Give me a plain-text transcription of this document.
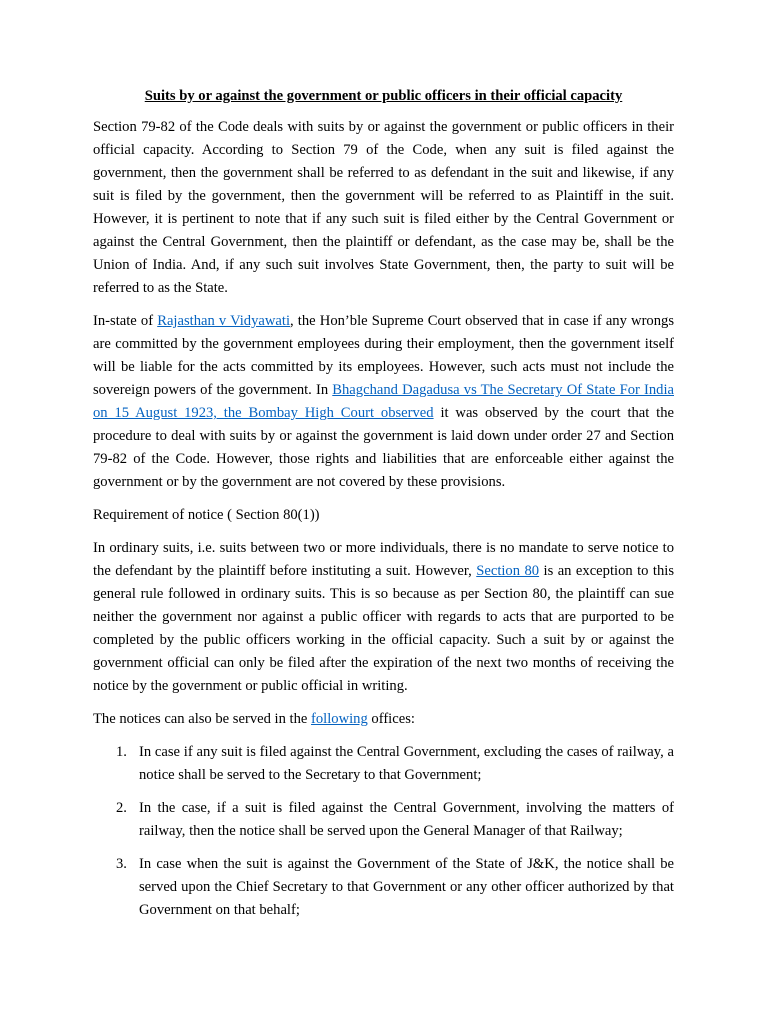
Suits by or against the government or public officers in their official capacity

Section 79-82 of the Code deals with suits by or against the government or public officers in their official capacity. According to Section 79 of the Code, when any suit is filed against the government, then the government shall be referred to as defendant in the suit and likewise, if any suit is filed by the government, then the government will be referred to as Plaintiff in the suit. However, it is pertinent to note that if any such suit is filed either by the Central Government or against the Central Government, then the plaintiff or defendant, as the case may be, shall be the Union of India. And, if any such suit involves State Government, then, the party to suit will be referred to as the State.

In-state of Rajasthan v Vidyawati, the Hon’ble Supreme Court observed that in case if any wrongs are committed by the government employees during their employment, then the government itself will be liable for the acts committed by its employees. However, such acts must not include the sovereign powers of the government. In Bhagchand Dagadusa vs The Secretary Of State For India on 15 August 1923, the Bombay High Court observed it was observed by the court that the procedure to deal with suits by or against the government is laid down under order 27 and Section 79-82 of the Code. However, those rights and liabilities that are enforceable either against the government or by the government are not covered by these provisions.

Requirement of notice ( Section 80(1))

In ordinary suits, i.e. suits between two or more individuals, there is no mandate to serve notice to the defendant by the plaintiff before instituting a suit. However, Section 80 is an exception to this general rule followed in ordinary suits. This is so because as per Section 80, the plaintiff can sue neither the government nor against a public officer with regards to acts that are purported to be completed by the public officers working in the official capacity. Such a suit by or against the government official can only be filed after the expiration of the next two months of receiving the notice by the government or public official in writing.

The notices can also be served in the following offices:

1. In case if any suit is filed against the Central Government, excluding the cases of railway, a notice shall be served to the Secretary to that Government;
2. In the case, if a suit is filed against the Central Government, involving the matters of railway, then the notice shall be served upon the General Manager of that Railway;
3. In case when the suit is against the Government of the State of J&K, the notice shall be served upon the Chief Secretary to that Government or any other officer authorized by that Government on that behalf;
